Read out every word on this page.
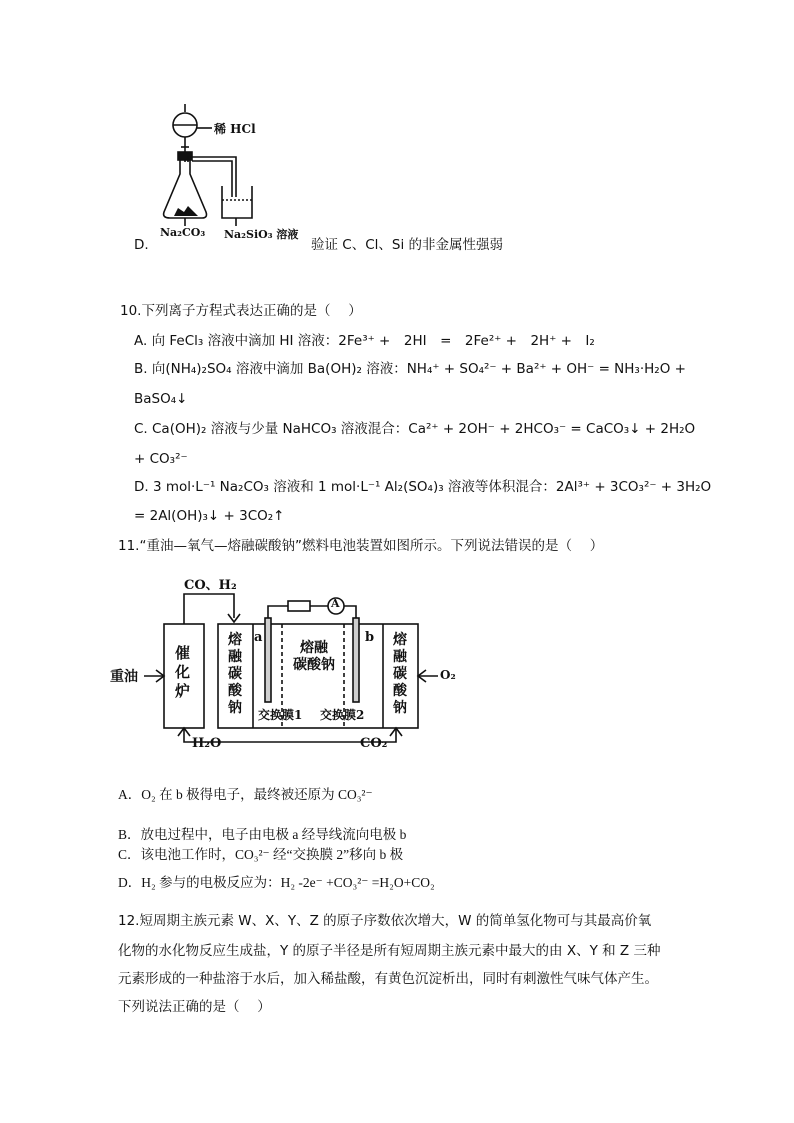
稀 HCl
Na₂CO₃ Na₂SiO₃ 溶液
D.	验证 C、Cl、Si 的非金属性强弱
10.下列离子方程式表达正确的是（　 ）
A. 向 FeCl₃ 溶液中滴加 HI 溶液：2Fe³⁺ +　2HI　=　2Fe²⁺ +　2H⁺ +　I₂
B. 向(NH₄)₂SO₄ 溶液中滴加 Ba(OH)₂ 溶液：NH₄⁺ + SO₄²⁻ + Ba²⁺ + OH⁻ = NH₃·H₂O +
BaSO₄↓
C. Ca(OH)₂ 溶液与少量 NaHCO₃ 溶液混合：Ca²⁺ + 2OH⁻ + 2HCO₃⁻ = CaCO₃↓ + 2H₂O
+ CO₃²⁻
D. 3 mol·L⁻¹ Na₂CO₃ 溶液和 1 mol·L⁻¹ Al₂(SO₄)₃ 溶液等体积混合：2Al³⁺ + 3CO₃²⁻ + 3H₂O
= 2Al(OH)₃↓ + 3CO₂↑
11.“重油—氧气—熔融碳酸钠”燃料电池装置如图所示。下列说法错误的是（　 ）
CO、H₂
重油
A
a	b
O₂
H₂O	CO₂
交换膜1 交换膜2
催
化
炉
熔
融
碳
酸
钠
熔融
碳酸钠
熔
融
碳
酸
钠
A．O₂ 在 b 极得电子，最终被还原为 CO₃²⁻
B．放电过程中，电子由电极 a 经导线流向电极 b
C．该电池工作时，CO₃²⁻ 经“交换膜 2”移向 b 极
D．H₂ 参与的电极反应为：H₂ -2e⁻ +CO₃²⁻ =H₂O+CO₂
12.短周期主族元素 W、X、Y、Z 的原子序数依次增大，W 的简单氢化物可与其最高价氧
化物的水化物反应生成盐，Y 的原子半径是所有短周期主族元素中最大的由 X、Y 和 Z 三种
元素形成的一种盐溶于水后，加入稀盐酸，有黄色沉淀析出，同时有刺激性气味气体产生。
下列说法正确的是（　 ）
